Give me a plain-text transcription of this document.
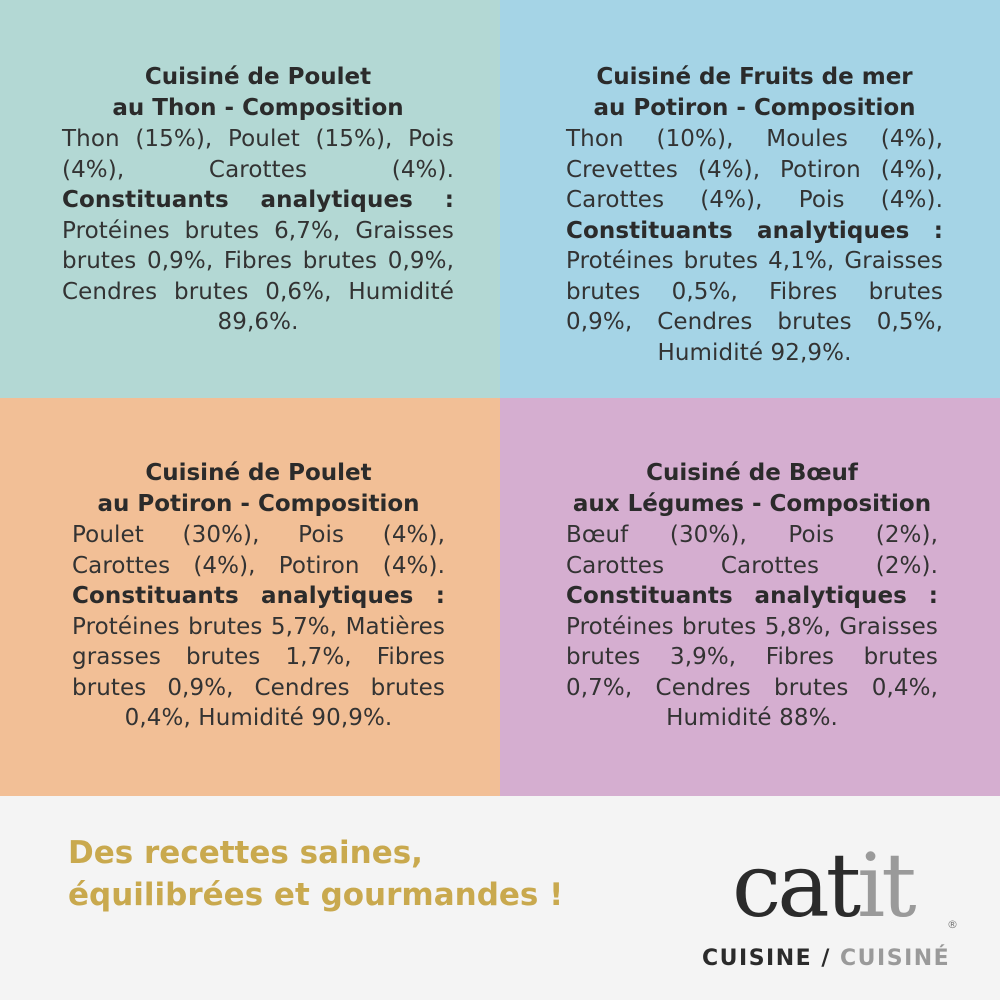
Cuisiné de Poulet
au Thon - Composition
Thon (15%), Poulet (15%), Pois (4%), Carottes (4%). Constituants analytiques : Protéines brutes 6,7%, Graisses brutes 0,9%, Fibres brutes 0,9%, Cendres brutes 0,6%, Humidité 89,6%.
Cuisiné de Fruits de mer
au Potiron - Composition
Thon (10%), Moules (4%), Crevettes (4%), Potiron (4%), Carottes (4%), Pois (4%). Constituants analytiques : Protéines brutes 4,1%, Graisses brutes 0,5%, Fibres brutes 0,9%, Cendres brutes 0,5%, Humidité 92,9%.
Cuisiné de Poulet
au Potiron - Composition
Poulet (30%), Pois (4%), Carottes (4%), Potiron (4%). Constituants analytiques : Protéines brutes 5,7%, Matières grasses brutes 1,7%, Fibres brutes 0,9%, Cendres brutes 0,4%, Humidité 90,9%.
Cuisiné de Bœuf
aux Légumes - Composition
Bœuf (30%), Pois (2%), Carottes Carottes (2%). Constituants analytiques : Protéines brutes 5,8%, Graisses brutes 3,9%, Fibres brutes 0,7%, Cendres brutes 0,4%, Humidité 88%.
Des recettes saines,
équilibrées et gourmandes ! catit	®
CUISINE / CUISINÉ
